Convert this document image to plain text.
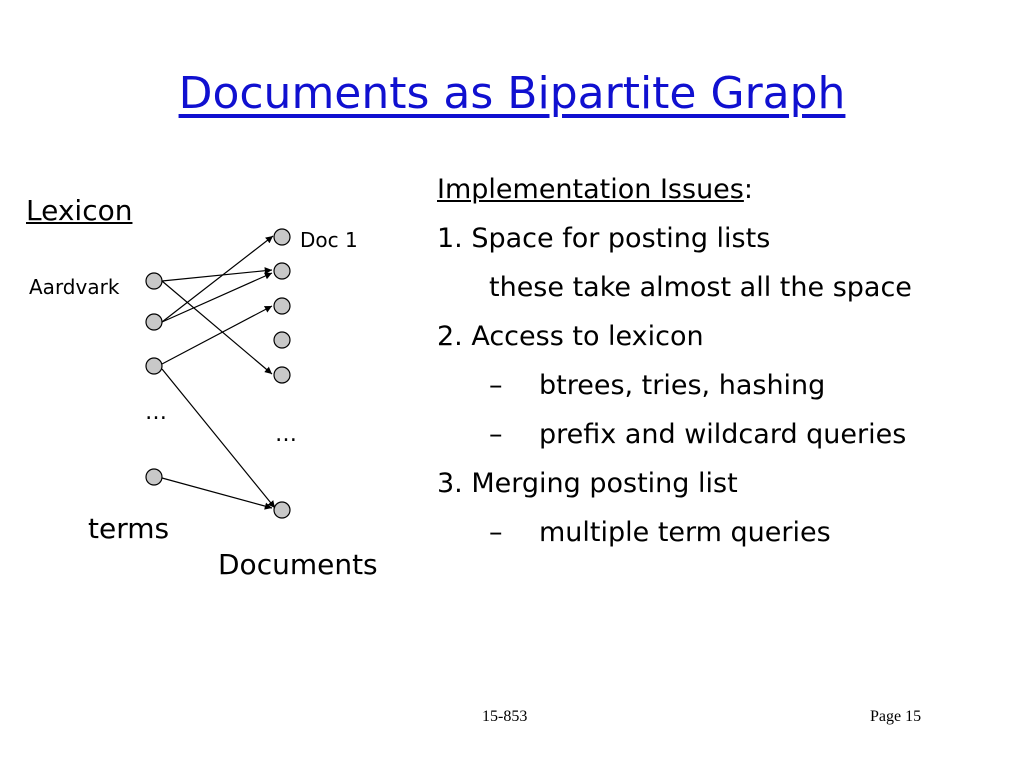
Documents as Bipartite Graph
Lexicon
Aardvark
Doc 1
…
…
terms
Documents
Implementation Issues:
1. Space for posting lists
these take almost all the space
2. Access to lexicon
– btrees, tries, hashing
– prefix and wildcard queries
3. Merging posting list
– multiple term queries
15-853	Page 15
